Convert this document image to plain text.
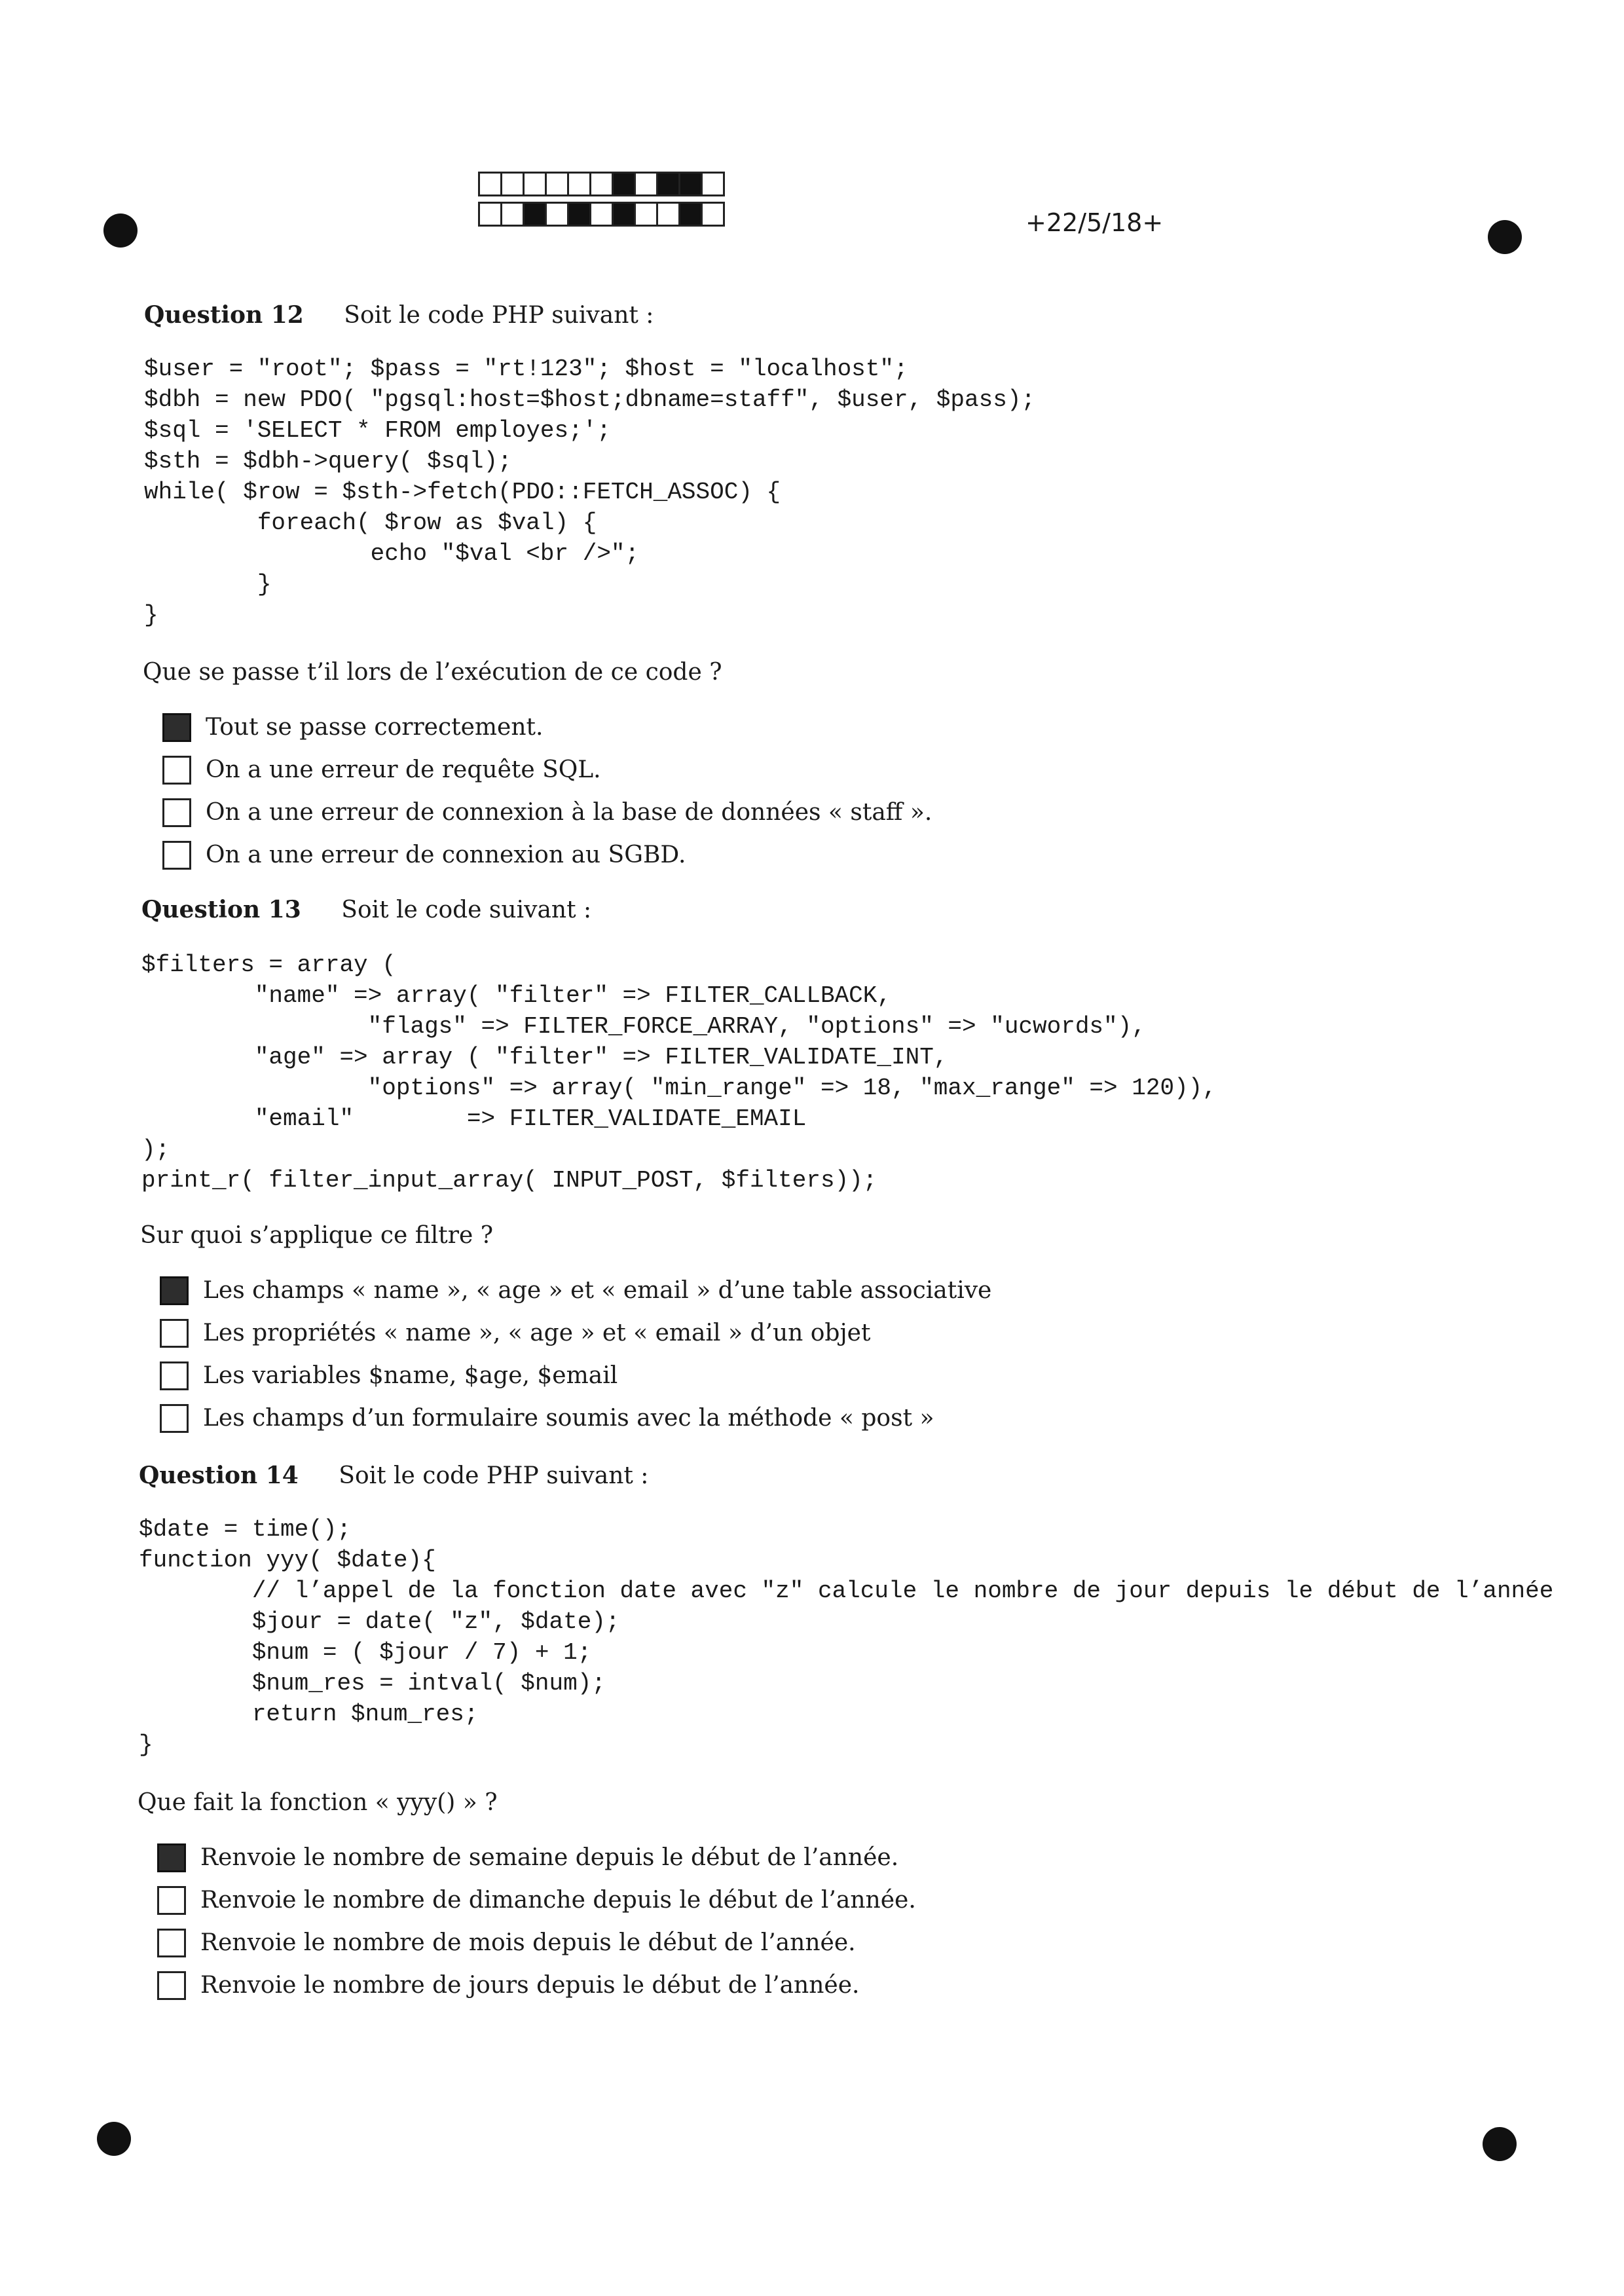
+22/5/18+
Question 12 Soit le code PHP suivant :
$user = "root"; $pass = "rt!123"; $host = "localhost";
$dbh = new PDO( "pgsql:host=$host;dbname=staff", $user, $pass);
$sql = 'SELECT * FROM employes;';
$sth = $dbh->query( $sql);
while( $row = $sth->fetch(PDO::FETCH_ASSOC) {
foreach( $row as $val) {
echo "$val <br />";
}
}
Que se passe t’il lors de l’exécution de ce code ?
Tout se passe correctement.
On a une erreur de requête SQL.
On a une erreur de connexion à la base de données « staff ».
On a une erreur de connexion au SGBD.
Question 13 Soit le code suivant :
$filters = array (
"name" => array( "filter" => FILTER_CALLBACK,
"flags" => FILTER_FORCE_ARRAY, "options" => "ucwords"),
"age" => array ( "filter" => FILTER_VALIDATE_INT,
"options" => array( "min_range" => 18, "max_range" => 120)),
"email"        => FILTER_VALIDATE_EMAIL
);
print_r( filter_input_array( INPUT_POST, $filters));
Sur quoi s’applique ce filtre ?
Les champs « name », « age » et « email » d’une table associative
Les propriétés « name », « age » et « email » d’un objet
Les variables $name, $age, $email
Les champs d’un formulaire soumis avec la méthode « post »
Question 14 Soit le code PHP suivant :
$date = time();
function yyy( $date){
// l’appel de la fonction date avec "z" calcule le nombre de jour depuis le début de l’année
$jour = date( "z", $date);
$num = ( $jour / 7) + 1;
$num_res = intval( $num);
return $num_res;
}
Que fait la fonction « yyy() » ?
Renvoie le nombre de semaine depuis le début de l’année.
Renvoie le nombre de dimanche depuis le début de l’année.
Renvoie le nombre de mois depuis le début de l’année.
Renvoie le nombre de jours depuis le début de l’année.
